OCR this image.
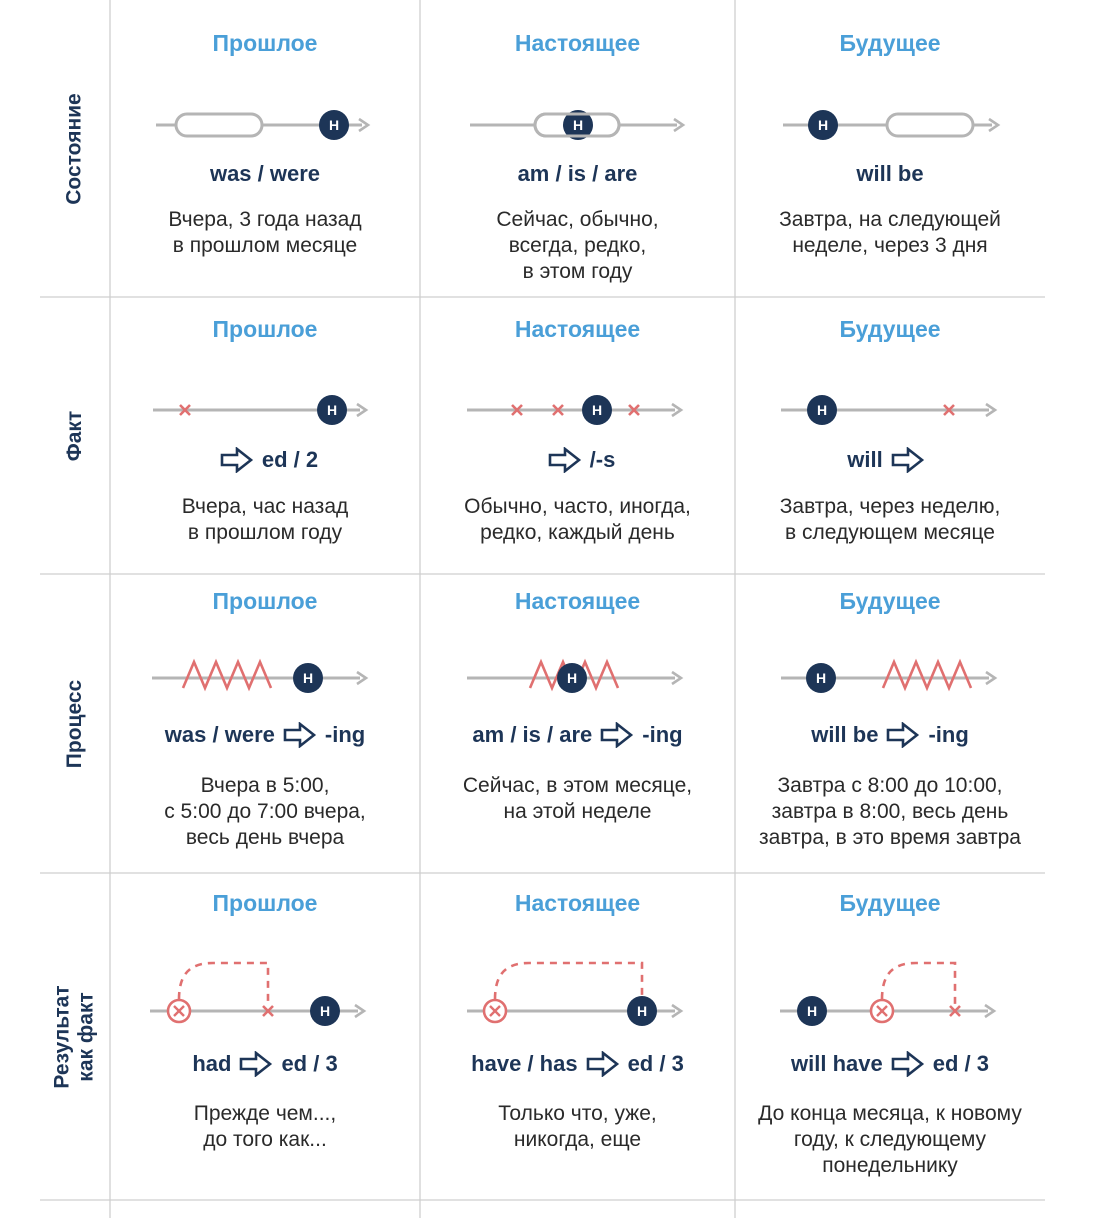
Состояние
Прошлое
Н
was / were
Вчера, 3 года назад
в прошлом месяце
Настоящее
Н
am / is / are
Сейчас, обычно,
всегда, редко,
в этом году
Будущее
Н
will be
Завтра, на следующей
неделе, через 3 дня
Факт
Прошлое
Н
ed / 2
Вчера, час назад
в прошлом году
Настоящее
Н
/-s
Обычно, часто, иногда,
редко, каждый день
Будущее
Н
will
Завтра, через неделю,
в следующем месяце
Процесс
Прошлое
Н
was / were -ing
Вчера в 5:00,
с 5:00 до 7:00 вчера,
весь день вчера
Настоящее
Н
am / is / are -ing
Сейчас, в этом месяце,
на этой неделе
Будущее
Н
will be -ing
Завтра с 8:00 до 10:00,
завтра в 8:00, весь день
завтра, в это время завтра
Результат как факт
Прошлое
Н
had ed / 3
Прежде чем...,
до того как...
Настоящее
Н
have / has ed / 3
Только что, уже,
никогда, еще
Будущее
Н
will have ed / 3
До конца месяца, к новому
году, к следующему
понедельнику
